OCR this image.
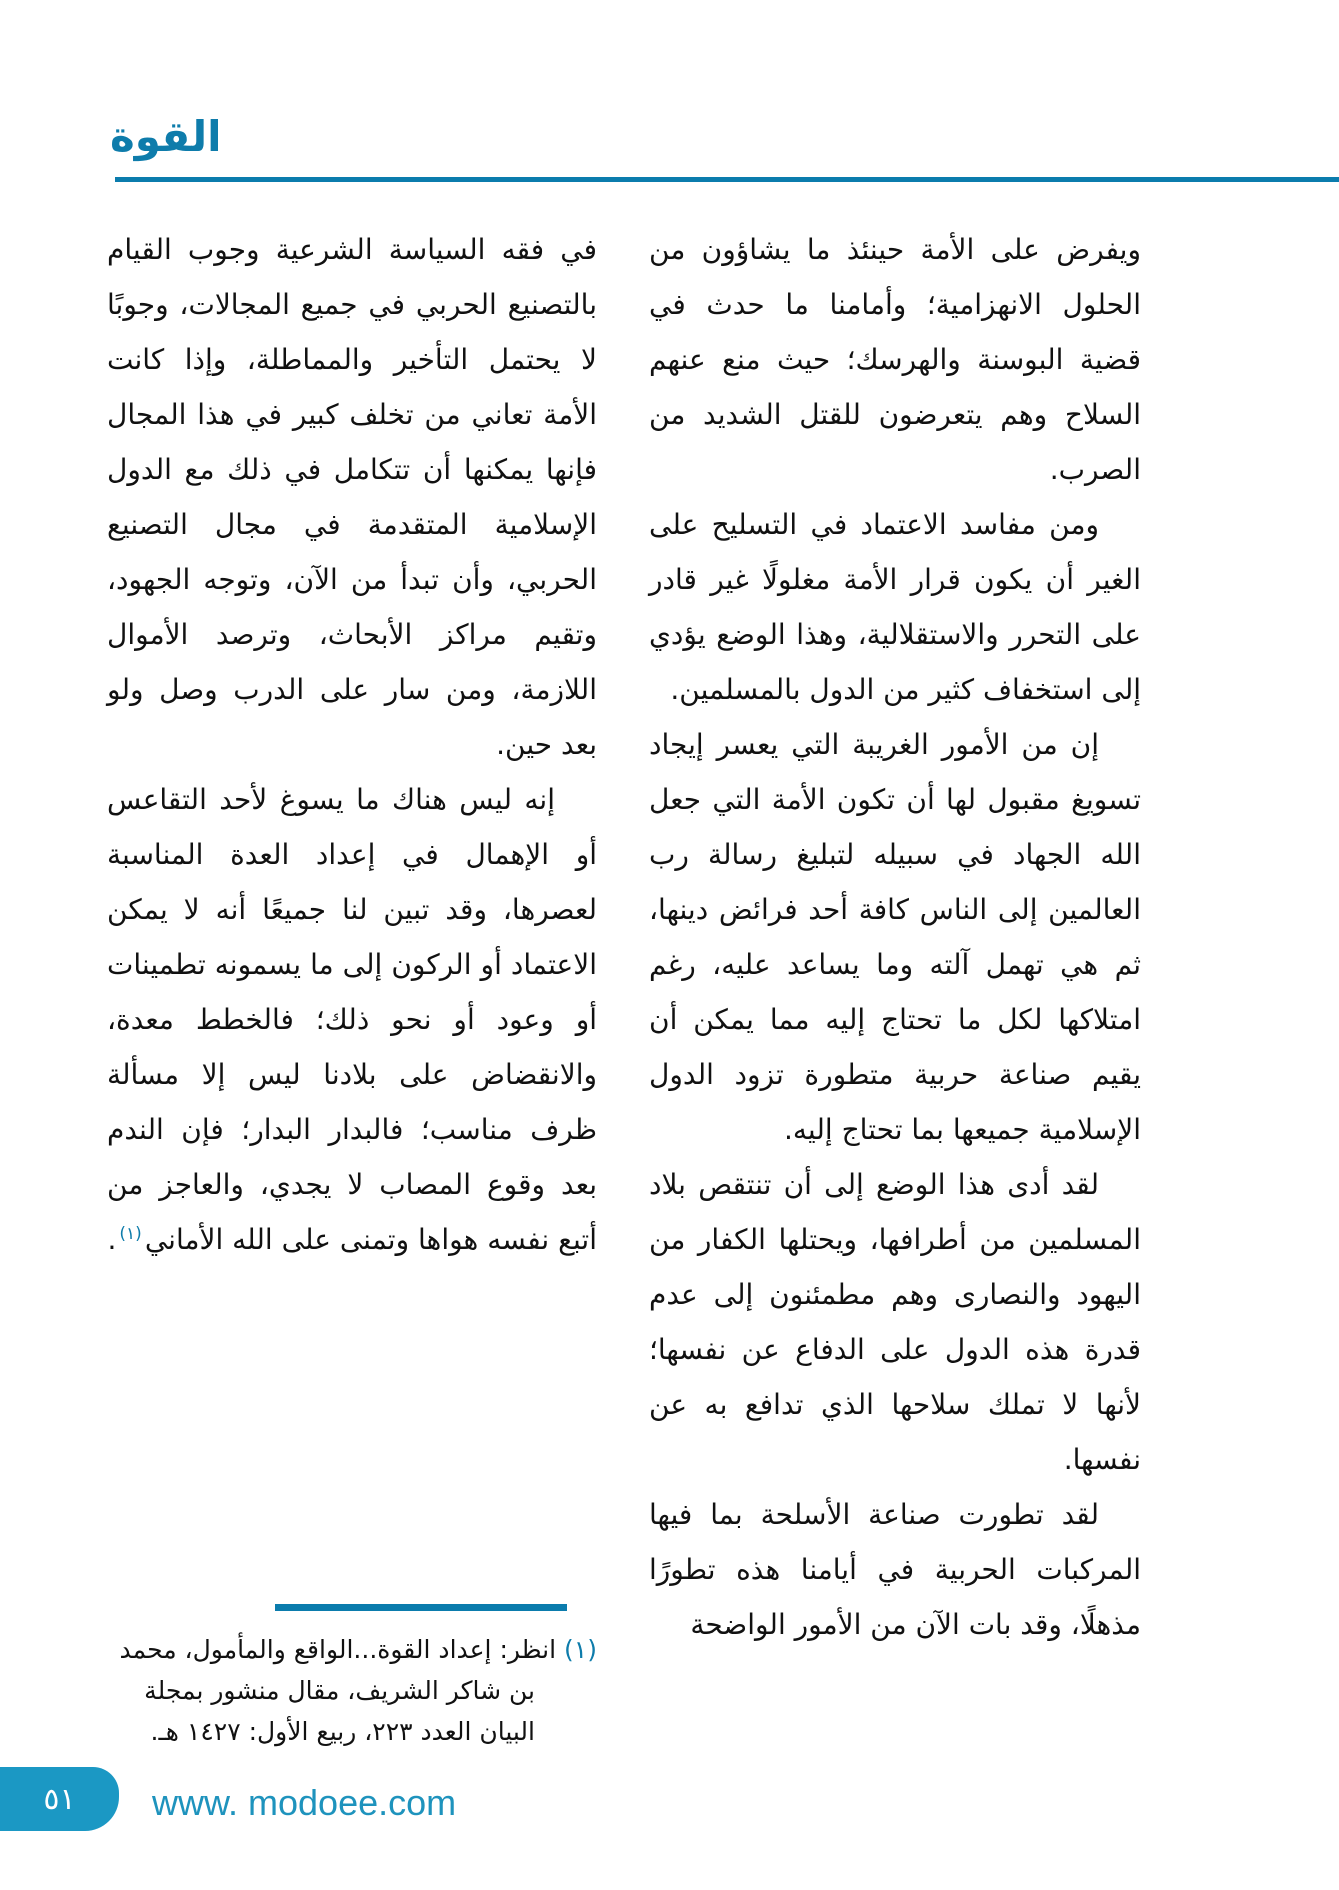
القوة

ويفرض على الأمة حينئذ ما يشاؤون من الحلول الانهزامية؛ وأمامنا ما حدث في قضية البوسنة والهرسك؛ حيث منع عنهم السلاح وهم يتعرضون للقتل الشديد من الصرب.

ومن مفاسد الاعتماد في التسليح على الغير أن يكون قرار الأمة مغلولًا غير قادر على التحرر والاستقلالية، وهذا الوضع يؤدي إلى استخفاف كثير من الدول بالمسلمين.

إن من الأمور الغريبة التي يعسر إيجاد تسويغ مقبول لها أن تكون الأمة التي جعل الله الجهاد في سبيله لتبليغ رسالة رب العالمين إلى الناس كافة أحد فرائض دينها، ثم هي تهمل آلته وما يساعد عليه، رغم امتلاكها لكل ما تحتاج إليه مما يمكن أن يقيم صناعة حربية متطورة تزود الدول الإسلامية جميعها بما تحتاج إليه.

لقد أدى هذا الوضع إلى أن تنتقص بلاد المسلمين من أطرافها، ويحتلها الكفار من اليهود والنصارى وهم مطمئنون إلى عدم قدرة هذه الدول على الدفاع عن نفسها؛ لأنها لا تملك سلاحها الذي تدافع به عن نفسها.

لقد تطورت صناعة الأسلحة بما فيها المركبات الحربية في أيامنا هذه تطورًا مذهلًا، وقد بات الآن من الأمور الواضحة

في فقه السياسة الشرعية وجوب القيام بالتصنيع الحربي في جميع المجالات، وجوبًا لا يحتمل التأخير والمماطلة، وإذا كانت الأمة تعاني من تخلف كبير في هذا المجال فإنها يمكنها أن تتكامل في ذلك مع الدول الإسلامية المتقدمة في مجال التصنيع الحربي، وأن تبدأ من الآن، وتوجه الجهود، وتقيم مراكز الأبحاث، وترصد الأموال اللازمة، ومن سار على الدرب وصل ولو بعد حين.

إنه ليس هناك ما يسوغ لأحد التقاعس أو الإهمال في إعداد العدة المناسبة لعصرها، وقد تبين لنا جميعًا أنه لا يمكن الاعتماد أو الركون إلى ما يسمونه تطمينات أو وعود أو نحو ذلك؛ فالخطط معدة، والانقضاض على بلادنا ليس إلا مسألة ظرف مناسب؛ فالبدار البدار؛ فإن الندم بعد وقوع المصاب لا يجدي، والعاجز من أتبع نفسه هواها وتمنى على الله الأماني$^{(١)}$.

(١) انظر: إعداد القوة...الواقع والمأمول، محمد بن شاكر الشريف، مقال منشور بمجلة البيان العدد ٢٢٣، ربيع الأول: ١٤٢٧ هـ.

٥١ www. modoee.com
